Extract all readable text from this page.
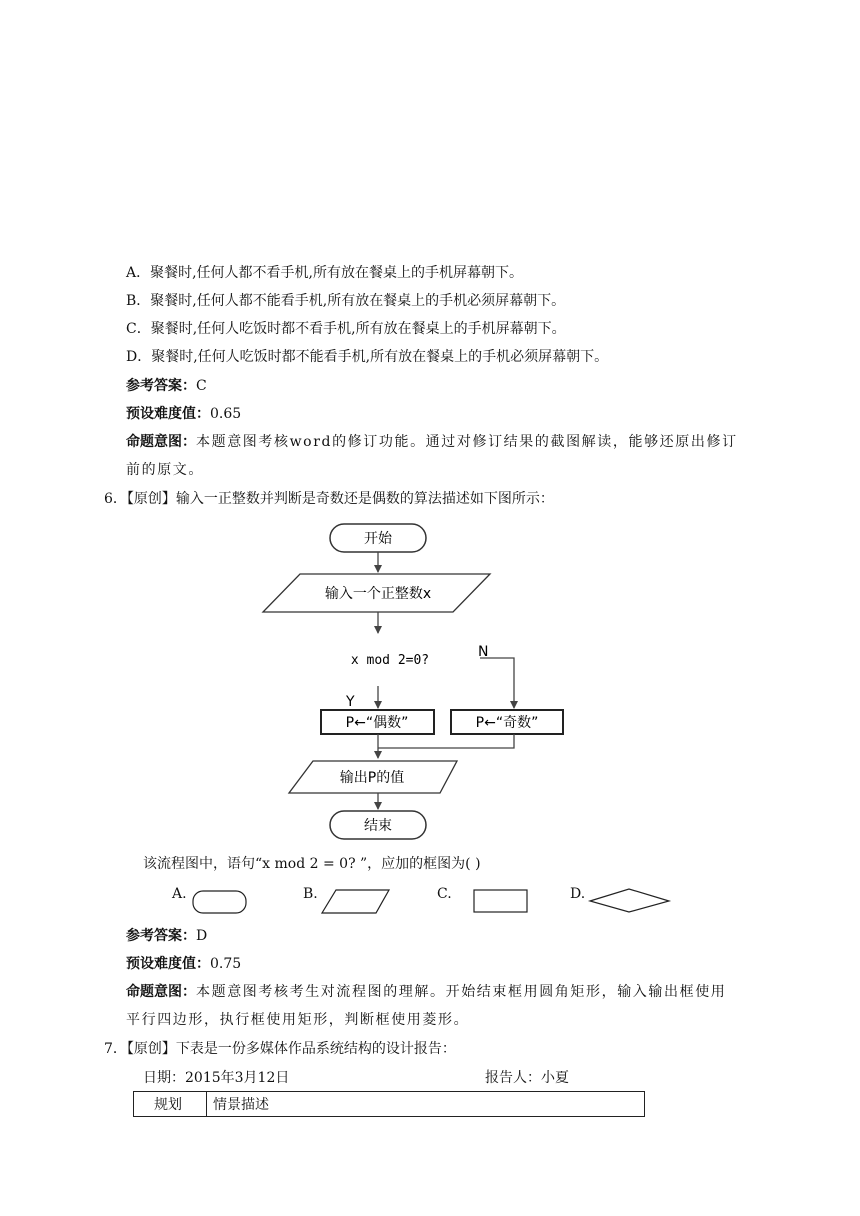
A．聚餐时,任何人都不看手机,所有放在餐桌上的手机屏幕朝下。
B．聚餐时,任何人都不能看手机,所有放在餐桌上的手机必须屏幕朝下。
C．聚餐时,任何人吃饭时都不看手机,所有放在餐桌上的手机屏幕朝下。
D．聚餐时,任何人吃饭时都不能看手机,所有放在餐桌上的手机必须屏幕朝下。
参考答案：C
预设难度值：0.65
命题意图：本题意图考核word的修订功能。通过对修订结果的截图解读，能够还原出修订
前的原文。
6．【原创】输入一正整数并判断是奇数还是偶数的算法描述如下图所示：
开始
输入一个正整数x
x mod 2=0?
N
Y
P←“偶数”	P←“奇数”
输出P的值
结束
该流程图中，语句“x mod 2 = 0? ”，应加的框图为( )
A.	B.	C.	D.
参考答案：D
预设难度值：0.75
命题意图：本题意图考核考生对流程图的理解。开始结束框用圆角矩形，输入输出框使用
平行四边形，执行框使用矩形，判断框使用菱形。
7．【原创】下表是一份多媒体作品系统结构的设计报告：
日期：2015年3月12日	报告人：小夏
规划	情景描述
